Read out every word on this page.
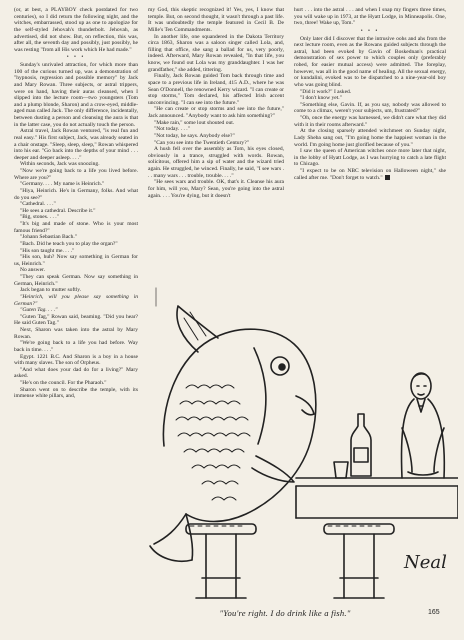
(or, at best, a PLAYBOY check postdated for two centuries), so I did return the following night, and the witches, embarrassed, stood up as one to apologize for the self-styled Jehovah's thunderbolt. Jehovah, as advertised, did not show. But, on reflection, this was, after all, the seventh day and possibly, just possibly, he was resting "from all His work which He had made."

• • •

Sunday's unrivaled attraction, for which more than 100 of the curious turned up, was a demonstration of "hypnosis, regression and possible memory" by Jack and Mary Rowan. Three subjects, or astral trippers, were on hand, having their auras cleansed, when I slipped into the lecture room—two youngsters (Tom and a plump blonde, Sharon) and a crow-eyed, middle-aged man called Jack. The only difference, incidentally, between dusting a person and cleansing the aura is that in the latter case, you do not actually touch the person.

Astral travel, Jack Rowan ventured, "is real fun and real easy." His first subject, Jack, was already seated in a chair onstage. "Sleep, sleep, sleep," Rowan whispered into his ear. "Go back into the depths of your mind . . . deeper and deeper asleep. . . ."

Within seconds, Jack was snoozing.

"Now we're going back to a life you lived before. Where are you?"

"Germany. . . . My name is Heinrich."

"Hiya, Heinrich. He's in Germany, folks. And what do you see?"

"Cathedral. . . ."

"He sees a cathedral. Describe it."

"Big, stones. . . ."

"It's big and made of stone. Who is your most famous friend?"

"Johann Sebastian Bach."

"Bach. Did he teach you to play the organ?"

"His son taught me. . . ."

"His son, huh? Now say something in German for us, Heinrich."

No answer.

"They can speak German. Now say something in German, Heinrich."

Jack began to mutter softly.

"Heinrich, will you please say something in German?"

"Guten Tag. . . ."

"Guten Tag," Rowan said, beaming. "Did you hear? He said Guten Tag."

Next, Sharon was taken into the astral by Mary Rowan.

"We're going back to a life you had before. Way back in time. . . ."

Egypt. 1221 B.C. And Sharon is a boy in a house with many slaves. The son of Orpheus.

"And what does your dad do for a living?" Mary asked.

"He's on the council. For the Pharaoh."

Sharon went on to describe the temple, with its immense white pillars, and,

my God, this skeptic recognized it! Yes, yes, I know that temple. But, on second thought, it wasn't through a past life. It was undoubtedly the temple featured in Cecil B. De Mille's Ten Commandments.

In another life, one squandered in the Dakota Territory circa 1863, Sharon was a saloon singer called Lola, and, filling that office, she sang a ballad for us, very poorly, indeed. Afterward, Mary Rowan revealed, "In that life, you know, we found out Lola was my granddaughter. I was her grandfather," she added, tittering.

Finally, Jack Rowan guided Tom back through time and space to a previous life in Ireland, 415 A.D., where he was Sean O'Donnell, the renowned Kerry wizard. "I can create or stop storms," Tom declared, his affected Irish accent unconvincing. "I can see into the future."

"He can create or stop storms and see into the future," Jack announced. "Anybody want to ask him something?"

"Make rain," some lout shouted out.

"Not today. . . ."

"Not today, he says. Anybody else?"

"Can you see into the Twentieth Century?"

A hush fell over the assembly as Tom, his eyes closed, obviously in a trance, struggled with words. Rowan, solicitous, offered him a sip of water and the wizard tried again. He struggled, he winced. Finally, he said, "I see wars . . . many wars . . . trouble, trouble. . . ."

"He sees wars and trouble. OK, that's it. Cleanse his aura for him, will you, Mary? Sean, you're going into the astral again. . . . You're dying, but it doesn't

hurt . . . into the astral . . . and when I snap my fingers three times, you will wake up in 1973, at the Hyatt Lodge, in Minneapolis. One, two, three! Wake up, Tom."

• • •

Only later did I discover that the intrusive oohs and ahs from the next lecture room, even as the Rowans guided subjects through the astral, had been evoked by Gavin of Boskednan's practical demonstration of sex power to which couples only (preferably robed, for easier mutual access) were admitted. The foreplay, however, was all in the good name of healing. All the sexual energy, or kundalini, evoked was to be dispatched to a nine-year-old boy who was going blind.

"Did it work?" I asked.

"I don't know yet."

"Something else, Gavin. If, as you say, nobody was allowed to come to a climax, weren't your subjects, um, frustrated?"

"Oh, once the energy was harnessed, we didn't care what they did with it in their rooms afterward."

At the closing sparsely attended witchmeet on Sunday night, Lady Sheba sang out, "I'm going home the happiest woman in the world. I'm going home just glorified because of you."

I saw the queen of American witches once more later that night, in the lobby of Hyatt Lodge, as I was hurrying to catch a late flight to Chicago.

"I expect to be on NBC television on Halloween night," she called after me. "Don't forget to watch."

Neal
"You're right. I do drink like a fish."	165
